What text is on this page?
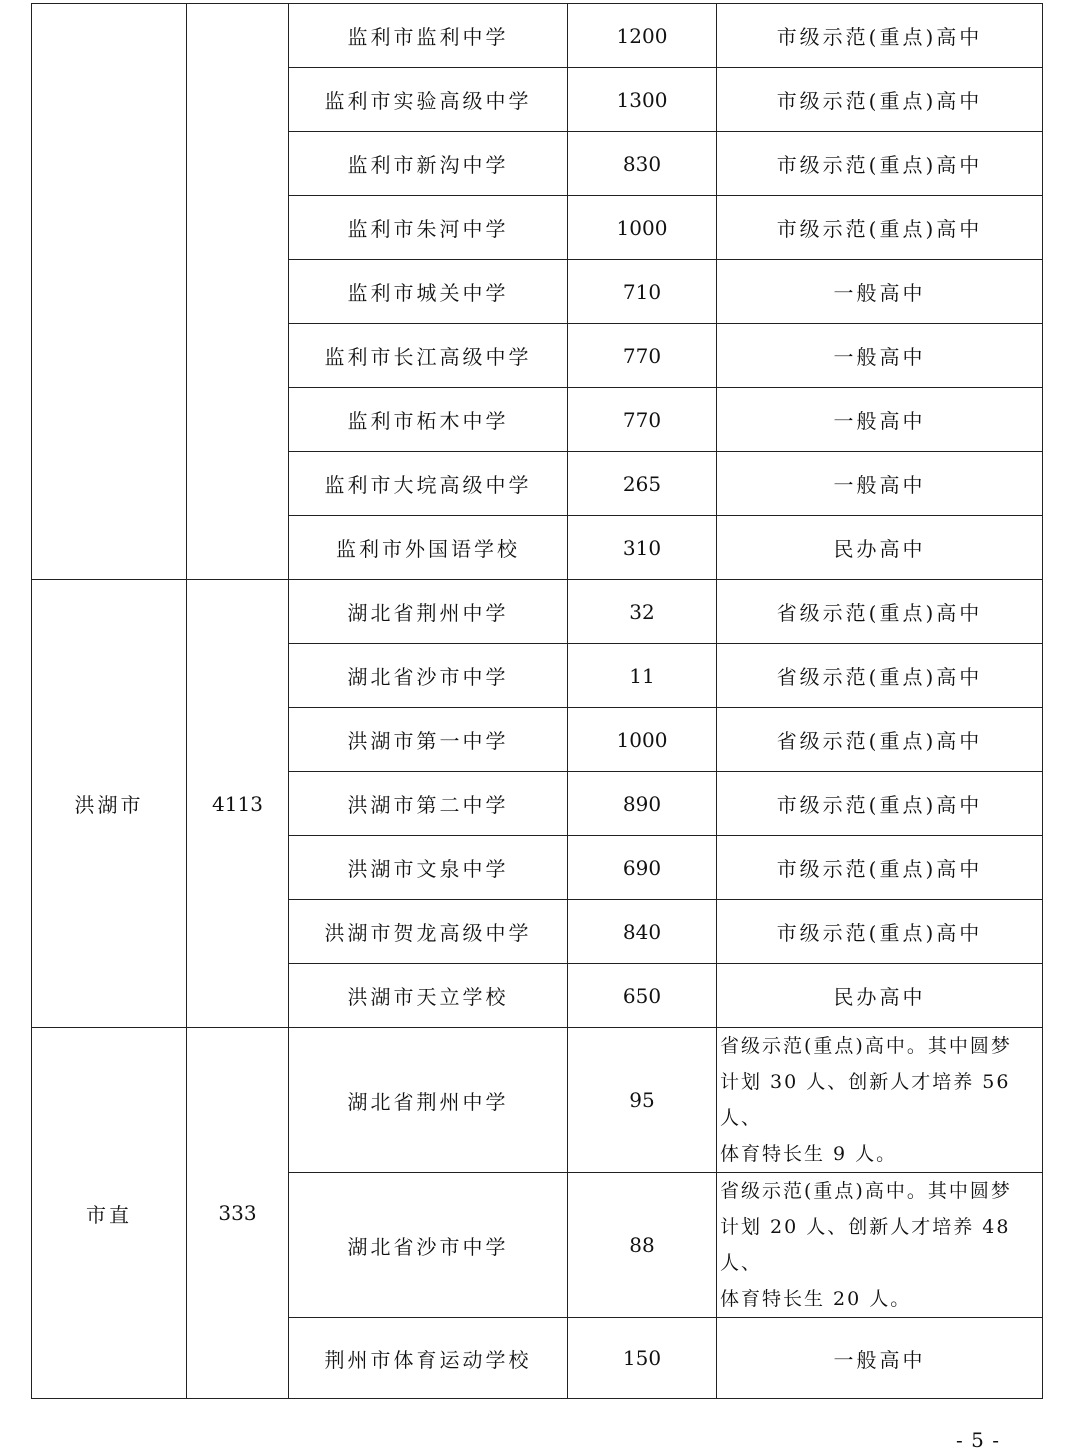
		监利市监利中学	1200	市级示范(重点)高中
		监利市实验高级中学	1300	市级示范(重点)高中
		监利市新沟中学	830	市级示范(重点)高中
		监利市朱河中学	1000	市级示范(重点)高中
		监利市城关中学	710	一般高中
		监利市长江高级中学	770	一般高中
		监利市柘木中学	770	一般高中
		监利市大垸高级中学	265	一般高中
		监利市外国语学校	310	民办高中
洪湖市	4113	湖北省荆州中学	32	省级示范(重点)高中
		湖北省沙市中学	11	省级示范(重点)高中
		洪湖市第一中学	1000	省级示范(重点)高中
		洪湖市第二中学	890	市级示范(重点)高中
		洪湖市文泉中学	690	市级示范(重点)高中
		洪湖市贺龙高级中学	840	市级示范(重点)高中
		洪湖市天立学校	650	民办高中
市直	333	湖北省荆州中学	95	省级示范(重点)高中。其中圆梦
计划 30 人、创新人才培养 56 人、
体育特长生 9 人。

		湖北省沙市中学	88	省级示范(重点)高中。其中圆梦
计划 20 人、创新人才培养 48 人、
体育特长生 20 人。

		荆州市体育运动学校	150	一般高中
- 5 -
